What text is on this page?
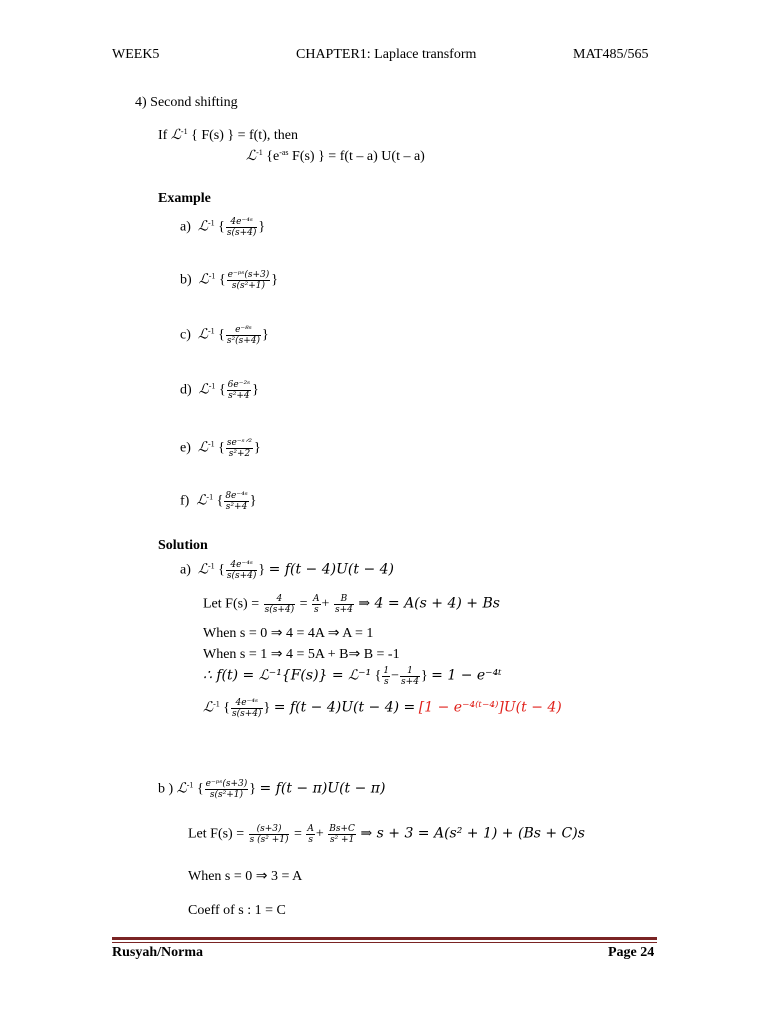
WEEK5	CHAPTER1: Laplace transform	MAT485/565
4) Second shifting
If ℒ$^{-1}$ { F(s) } = f(t), then
ℒ$^{-1}$ {$e^{-as}$ F(s) } = f(t – a) U(t – a)
Example
a) ℒ$^{-1}$ { $\frac{\text{4e⁻⁴ˢ}}{s(s+4)}$ }
b) ℒ$^{-1}$ { $\frac{\text{e⁻ᵖˢ(s+3)}}{\text{s(s²+1)}}$ }
c) ℒ$^{-1}$ { $\frac{\text{e⁻⁸ˢ}}{\text{s²(s+4)}}$ }
d) ℒ$^{-1}$ { $\frac{\text{6e⁻²ˢ}}{\text{s²+4}}$ }
e) ℒ$^{-1}$ { $\frac{\text{se⁻ˢᐟ²}}{\text{s²+2}}$ }
f) ℒ$^{-1}$ { $\frac{\text{8e⁻⁴ˢ}}{\text{s²+4}}$ }
Solution
a) ℒ$^{-1}$ { $\frac{\text{4e⁻⁴ˢ}}{s(s+4)}$ } = f(t − 4)U(t − 4)
Let $F(s) = \frac{4}{s(s+4)} = \frac{A}{s} + \frac{B}{s+4}$ ⇒ 4 = A(s + 4) + Bs
When s = 0 ⇒ 4 = 4A ⇒ A = 1
When s = 1 ⇒ 4 = 5A + B⇒ B = -1
∴ f(t) = ℒ⁻¹{F(s)} = ℒ⁻¹ { $\frac{1}{s} - \frac{1}{s+4}$ } = 1 − e⁻⁴ᵗ
ℒ$^{-1}$ { $\frac{\text{4e⁻⁴ˢ}}{s(s+4)}$ } = f(t − 4)U(t − 4) = [1 − e⁻⁴⁽ᵗ⁻⁴⁾]U(t − 4)
b ) ℒ$^{-1}$ { $\frac{\text{e⁻ᵖˢ(s+3)}}{\text{s(s²+1)}}$ } = f(t − π)U(t − π)
Let $F(s) = \frac{(s+3)}{\text{s (s² +1)}} = \frac{A}{s} + \frac{Bs+C}{\text{s² +1}}$ ⇒ s + 3 = A(s² + 1) + (Bs + C)s
When s = 0 ⇒ 3 = A
Coeff of s : 1 = C
Rusyah/Norma	Page 24
